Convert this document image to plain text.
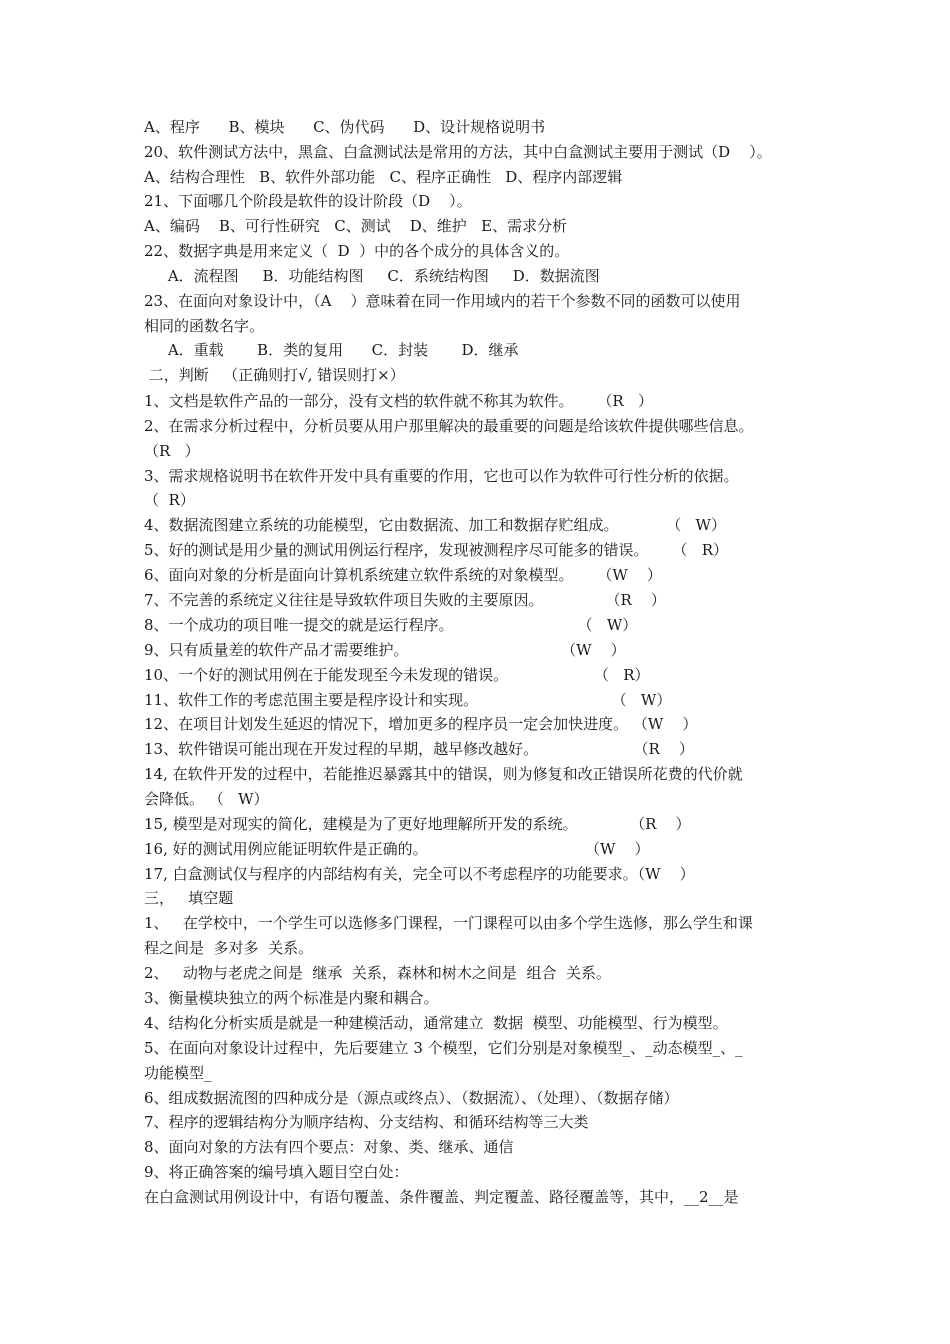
A、程序      B、模块      C、伪代码      D、设计规格说明书

20、软件测试方法中，黑盒、白盒测试法是常用的方法，其中白盒测试主要用于测试（D    ）。

A、结构合理性   B、软件外部功能   C、程序正确性   D、程序内部逻辑

21、下面哪几个阶段是软件的设计阶段（D    ）。

A、编码    B、可行性研究   C、测试    D、维护   E、需求分析

22、数据字典是用来定义（  D  ）中的各个成分的具体含义的。

A．流程图     B．功能结构图     C．系统结构图     D．数据流图

23、在面向对象设计中，（A    ）意味着在同一作用域内的若干个参数不同的函数可以使用

相同的函数名字。

A．重载       B．类的复用      C．封装       D．继承

二，判断   （正确则打√, 错误则打×）

1、文档是软件产品的一部分，没有文档的软件就不称其为软件。     （R   ）

2、在需求分析过程中，分析员要从用户那里解决的最重要的问题是给该软件提供哪些信息。

（R   ）

3、需求规格说明书在软件开发中具有重要的作用，它也可以作为软件可行性分析的依据。

（  R）

4、数据流图建立系统的功能模型，它由数据流、加工和数据存贮组成。          （   W）

5、好的测试是用少量的测试用例运行程序，发现被测程序尽可能多的错误。     （   R）

6、面向对象的分析是面向计算机系统建立软件系统的对象模型。     （W    ）

7、不完善的系统定义往往是导致软件项目失败的主要原因。             （R    ）

8、一个成功的项目唯一提交的就是运行程序。                          （   W）

9、只有质量差的软件产品才需要维护。                                （W    ）

10、一个好的测试用例在于能发现至今未发现的错误。                  （   R）

11、软件工作的考虑范围主要是程序设计和实现。                            （   W）

12、在项目计划发生延迟的情况下，增加更多的程序员一定会加快进度。 （W    ）

13、软件错误可能出现在开发过程的早期，越早修改越好。                    （R    ）

14, 在软件开发的过程中，若能推迟暴露其中的错误，则为修复和改正错误所花费的代价就

会降低。 （   W）

15, 模型是对现实的简化，建模是为了更好地理解所开发的系统。           （R    ）

16, 好的测试用例应能证明软件是正确的。                                 （W    ）

17, 白盒测试仅与程序的内部结构有关，完全可以不考虑程序的功能要求。（W    ）

三，   填空题

1、   在学校中，一个学生可以选修多门课程，一门课程可以由多个学生选修，那么学生和课

程之间是  多对多  关系。

2、   动物与老虎之间是  继承  关系，森林和树木之间是  组合  关系。

3、衡量模块独立的两个标准是内聚和耦合。

4、结构化分析实质是就是一种建模活动，通常建立  数据  模型、功能模型、行为模型。

5、在面向对象设计过程中，先后要建立 3 个模型，它们分别是对象模型_、_动态模型_、_

功能模型_

6、组成数据流图的四种成分是（源点或终点）、（数据流）、（处理）、（数据存储）

7、程序的逻辑结构分为顺序结构、分支结构、和循环结构等三大类

8、面向对象的方法有四个要点：对象、类、继承、通信

9、将正确答案的编号填入题目空白处：

在白盒测试用例设计中，有语句覆盖、条件覆盖、判定覆盖、路径覆盖等，其中，__2__是
